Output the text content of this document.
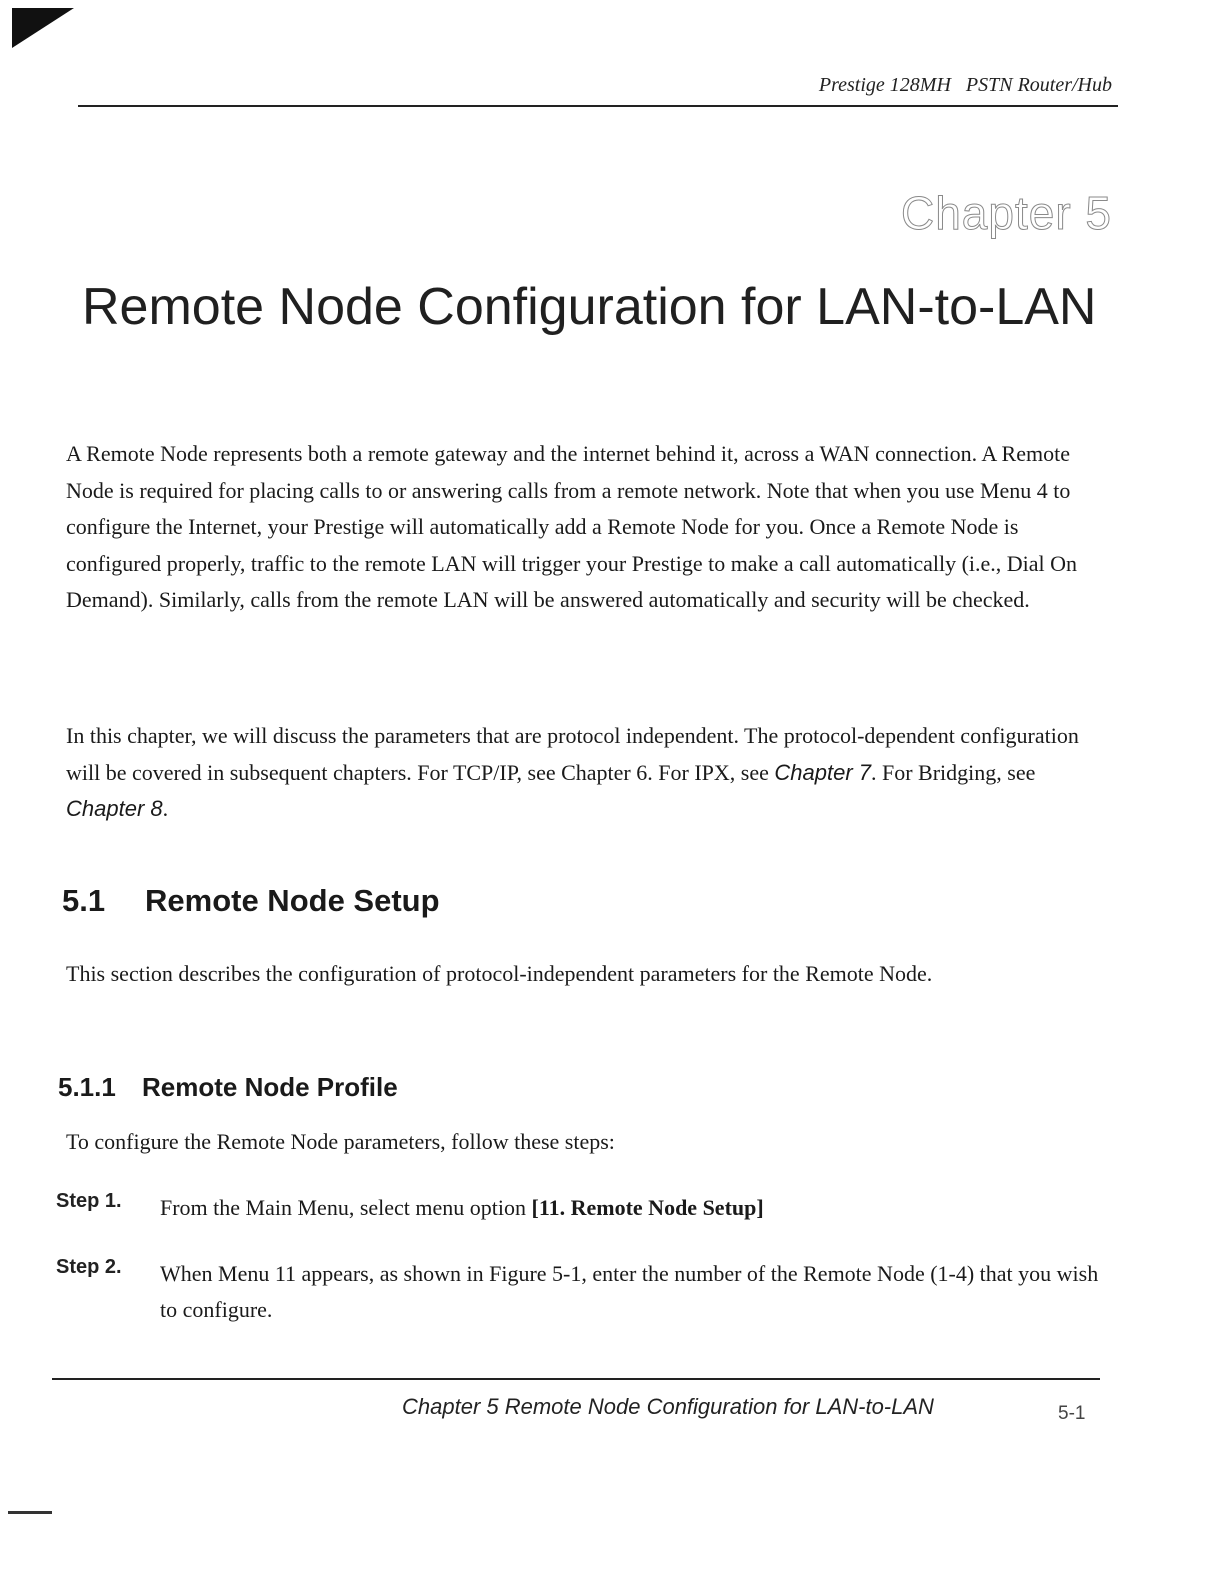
Prestige 128MH   PSTN Router/Hub
Chapter 5
Remote Node Configuration for LAN-to-LAN

A Remote Node represents both a remote gateway and the internet behind it, across a WAN connection. A Remote Node is required for placing calls to or answering calls from a remote network. Note that when you use Menu 4 to configure the Internet, your Prestige will automatically add a Remote Node for you. Once a Remote Node is configured properly, traffic to the remote LAN will trigger your Prestige to make a call automatically (i.e., Dial On Demand). Similarly, calls from the remote LAN will be answered automatically and security will be checked.

In this chapter, we will discuss the parameters that are protocol independent. The protocol-dependent configuration will be covered in subsequent chapters. For TCP/IP, see Chapter 6. For IPX, see Chapter 7. For Bridging, see Chapter 8.

5.1 Remote Node Setup

This section describes the configuration of protocol-independent parameters for the Remote Node.

5.1.1 Remote Node Profile

To configure the Remote Node parameters, follow these steps:

Step 1. From the Main Menu, select menu option [11. Remote Node Setup]
Step 2. When Menu 11 appears, as shown in Figure 5-1, enter the number of the Remote Node (1-4) that you wish to configure.
Chapter 5 Remote Node Configuration for LAN-to-LAN	5-1
